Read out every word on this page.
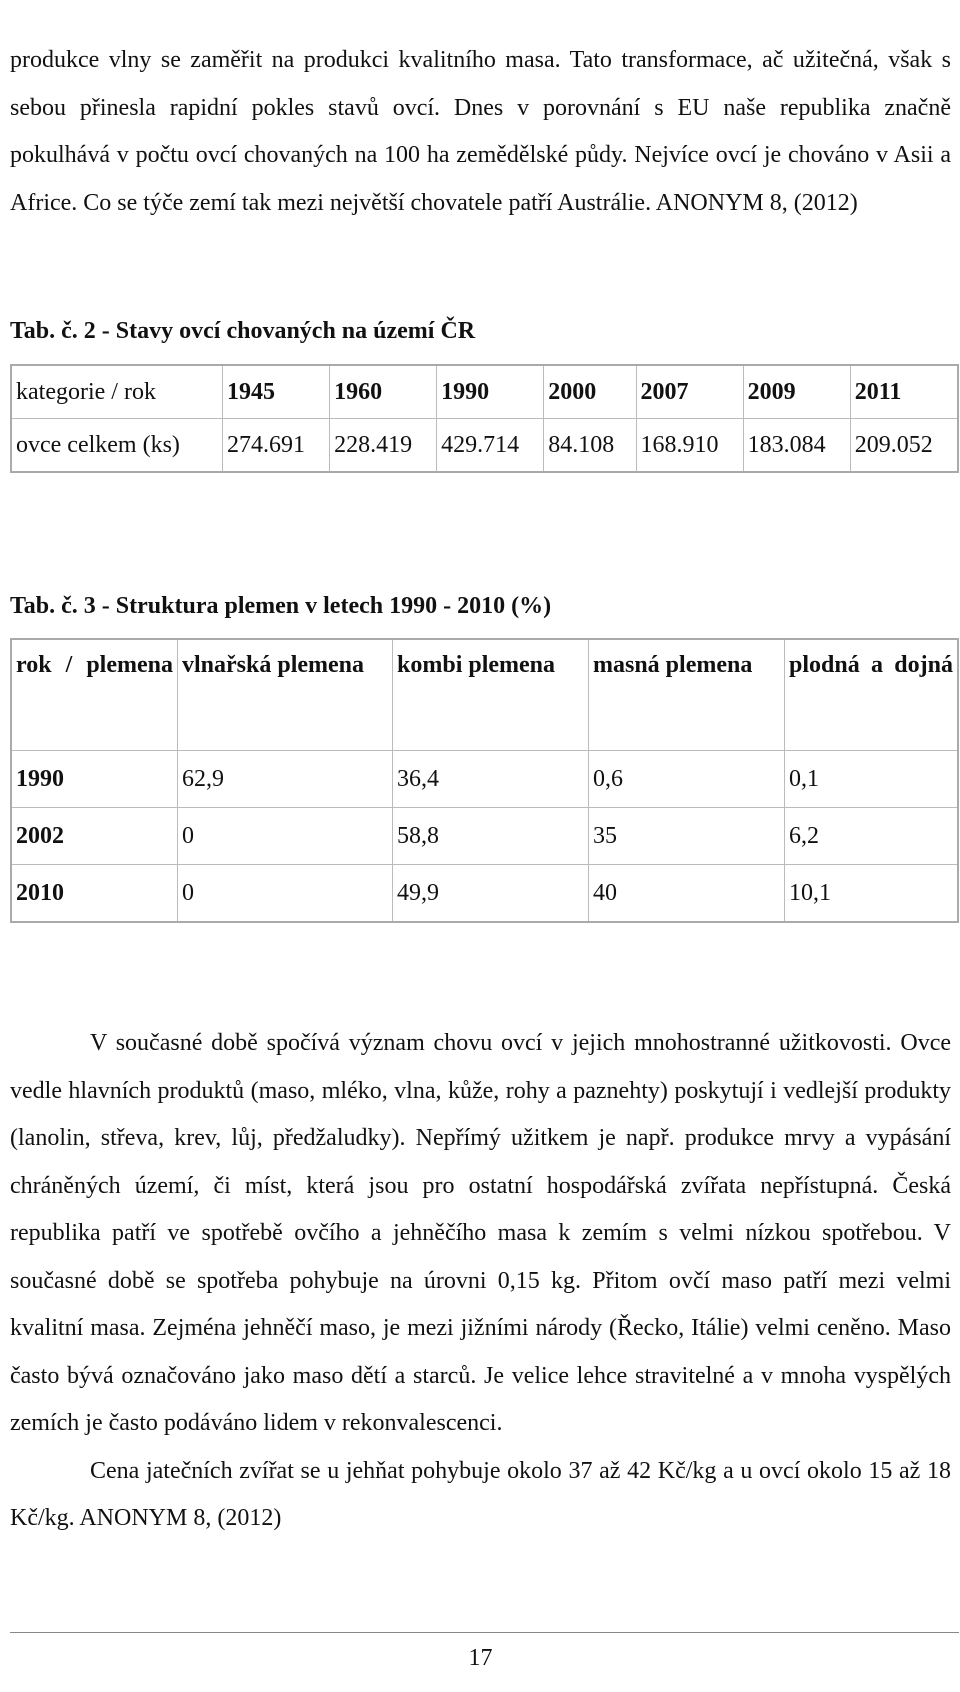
produkce vlny se zaměřit na produkci kvalitního masa. Tato transformace, ač užitečná, však s sebou přinesla rapidní pokles stavů ovcí. Dnes v porovnání s EU naše republika značně pokulhává v počtu ovcí chovaných na 100 ha zemědělské půdy. Nejvíce ovcí je chováno v Asii a Africe. Co se týče zemí tak mezi největší chovatele patří Austrálie. ANONYM 8, (2012)

Tab. č. 2 - Stavy ovcí chovaných na území ČR
kategorie / rok	1945	1960	1990	2000	2007	2009	2011
ovce celkem (ks)	274.691	228.419	429.714	84.108	168.910	183.084	209.052
Tab. č. 3 - Struktura plemen v letech 1990 - 2010 (%)
rok / plemena	vlnařská plemena	kombi plemena	masná plemena	plodná a dojná
1990	62,9	36,4	0,6	0,1
2002	0	58,8	35	6,2
2010	0	49,9	40	10,1

V současné době spočívá význam chovu ovcí v jejich mnohostranné užitkovosti. Ovce vedle hlavních produktů (maso, mléko, vlna, kůže, rohy a paznehty) poskytují i vedlejší produkty (lanolin, střeva, krev, lůj, předžaludky). Nepřímý užitkem je např. produkce mrvy a vypásání chráněných území, či míst, která jsou pro ostatní hospodářská zvířata nepřístupná. Česká republika patří ve spotřebě ovčího a jehněčího masa k zemím s velmi nízkou spotřebou. V současné době se spotřeba pohybuje na úrovni 0,15 kg. Přitom ovčí maso patří mezi velmi kvalitní masa. Zejména jehněčí maso, je mezi jižními národy (Řecko, Itálie) velmi ceněno. Maso často bývá označováno jako maso dětí a starců. Je velice lehce stravitelné a v mnoha vyspělých zemích je často podáváno lidem v rekonvalescenci.

Cena jatečních zvířat se u jehňat pohybuje okolo 37 až 42 Kč/kg a u ovcí okolo 15 až 18 Kč/kg. ANONYM 8, (2012)

17
